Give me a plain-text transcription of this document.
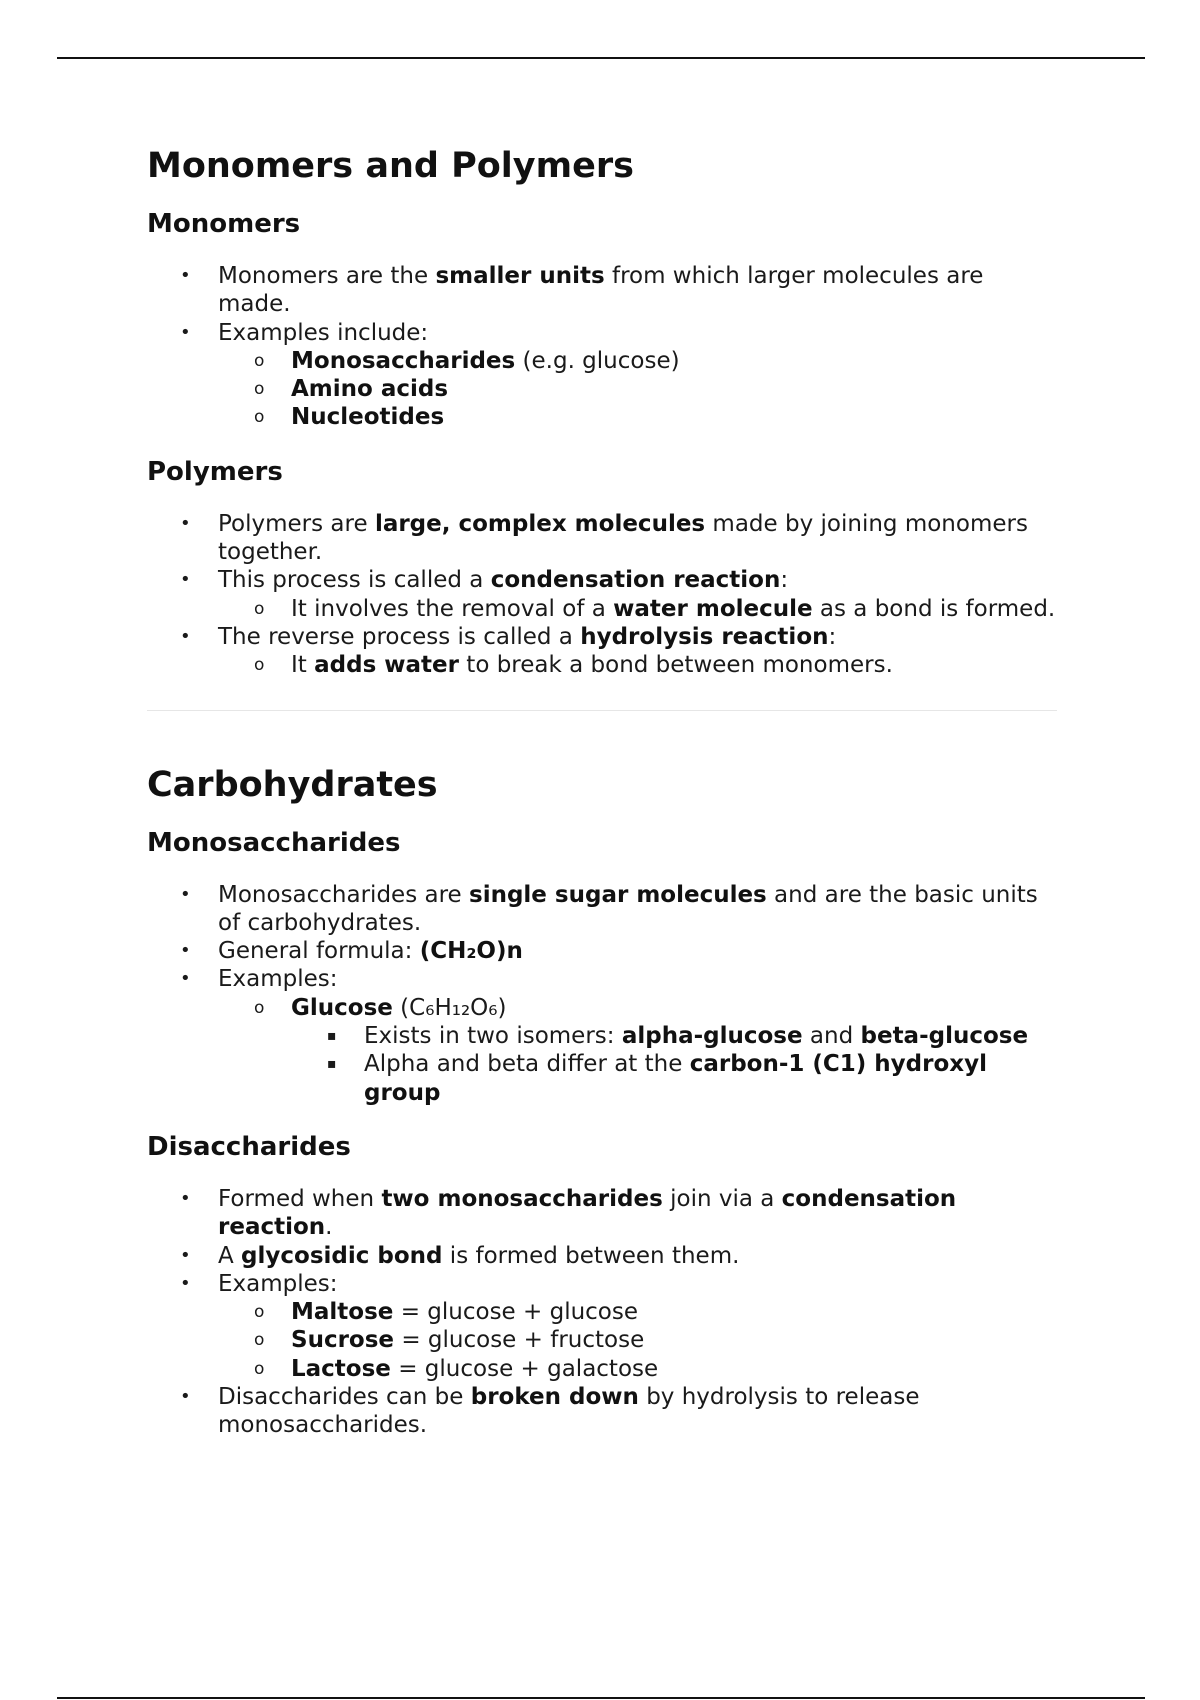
Monomers and Polymers
Monomers
• Monomers are the smaller units from which larger molecules are made.
• Examples include:
o Monosaccharides (e.g. glucose)
o Amino acids
o Nucleotides
Polymers
• Polymers are large, complex molecules made by joining monomers together.
• This process is called a condensation reaction:
o It involves the removal of a water molecule as a bond is formed.
• The reverse process is called a hydrolysis reaction:
o It adds water to break a bond between monomers.
Carbohydrates
Monosaccharides
• Monosaccharides are single sugar molecules and are the basic units of carbohydrates.
• General formula: (CH₂O)n
• Examples:
o Glucose (C₆H₁₂O₆)
▪ Exists in two isomers: alpha-glucose and beta-glucose
▪ Alpha and beta differ at the carbon-1 (C1) hydroxyl group
Disaccharides
• Formed when two monosaccharides join via a condensation reaction.
• A glycosidic bond is formed between them.
• Examples:
o Maltose = glucose + glucose
o Sucrose = glucose + fructose
o Lactose = glucose + galactose
• Disaccharides can be broken down by hydrolysis to release monosaccharides.
